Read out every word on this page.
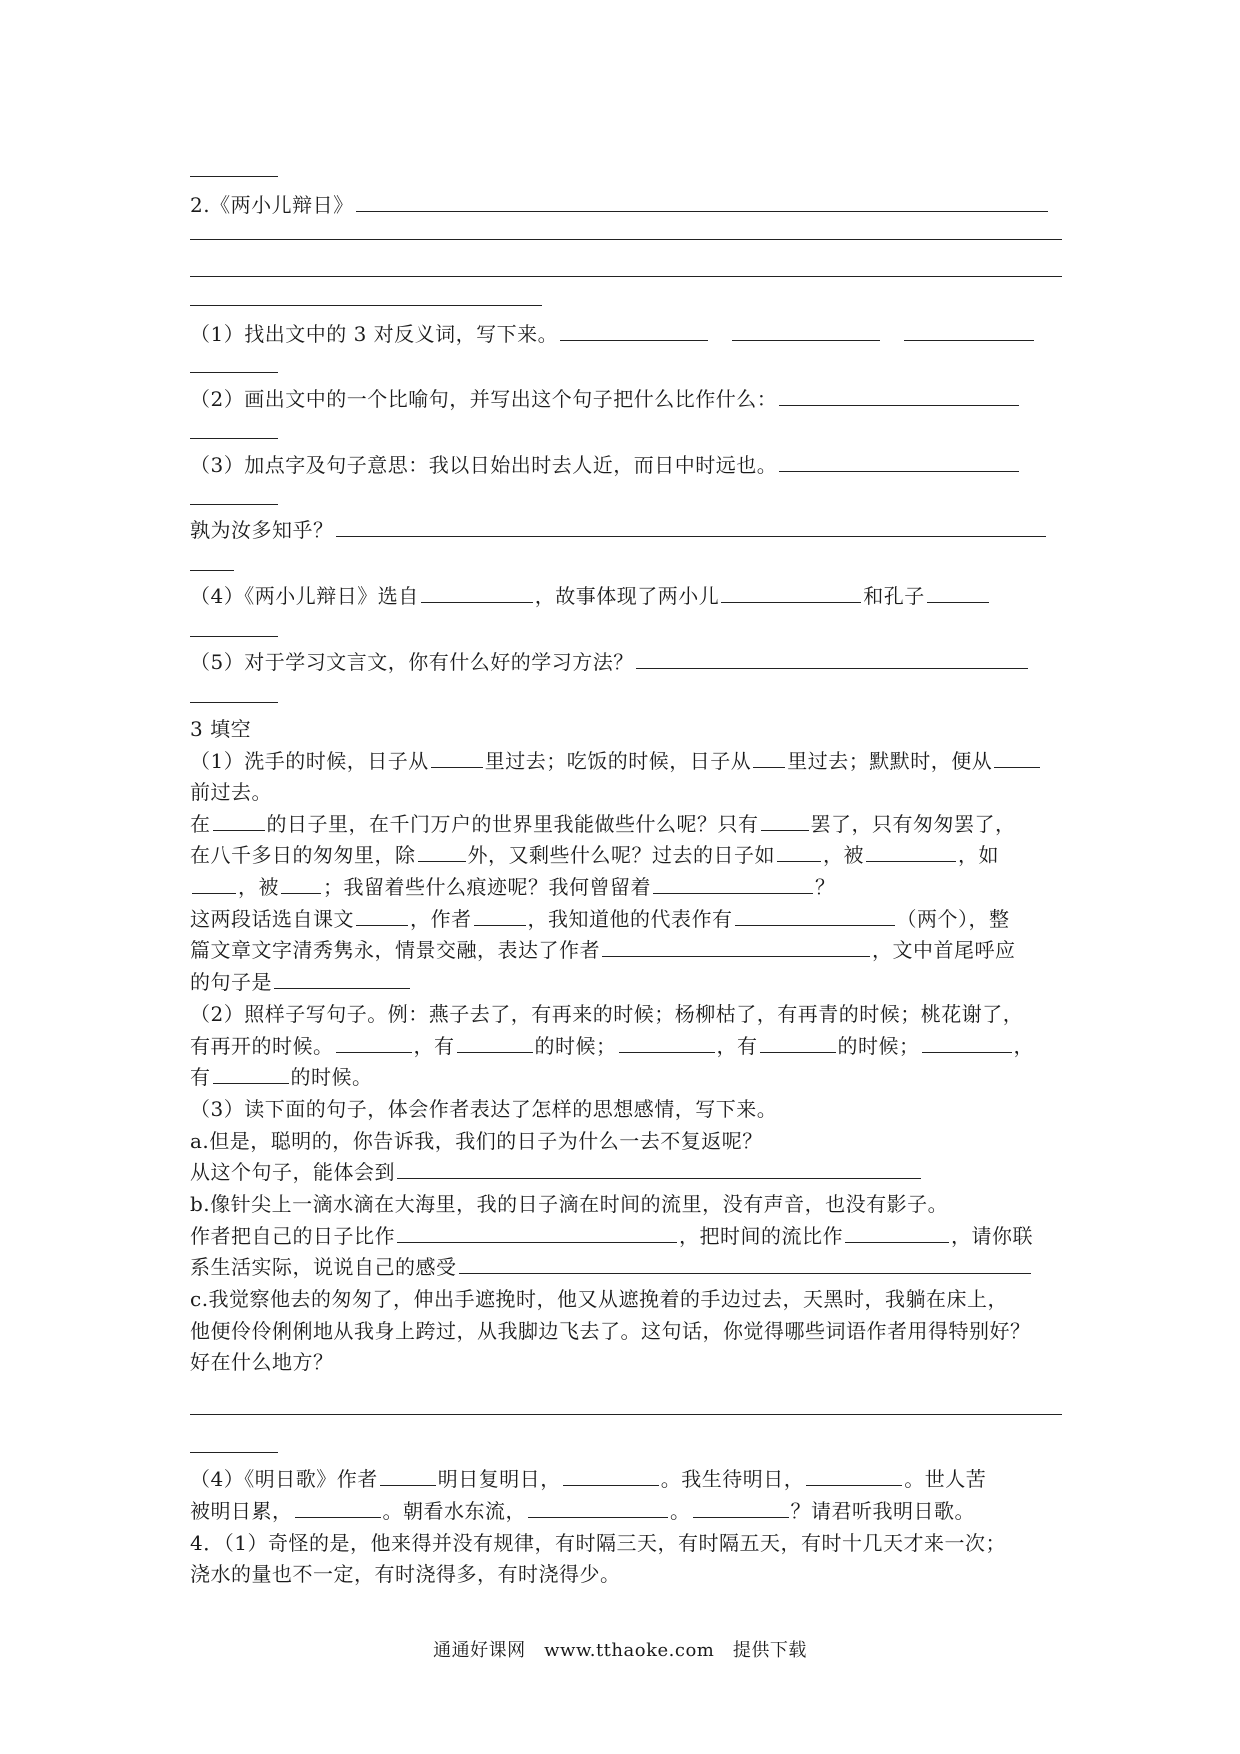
2.《两小儿辩日》
（1）找出文中的 3 对反义词，写下来。
（2）画出文中的一个比喻句，并写出这个句子把什么比作什么：
（3）加点字及句子意思：我以日始出时去人近，而日中时远也。
孰为汝多知乎？
（4）《两小儿辩日》选自	，故事体现了两小儿	和孔子
（5）对于学习文言文，你有什么好的学习方法？
3 填空
（1）洗手的时候，日子从	里过去；吃饭的时候，日子从 里过去；默默时，便从
前过去。
在	的日子里，在千门万户的世界里我能做些什么呢？只有	罢了，只有匆匆罢了，
在八千多日的匆匆里，除	外，又剩些什么呢？过去的日子如 ，被	，如
，被 ；我留着些什么痕迹呢？我何曾留着	？
这两段话选自课文	，作者	，我知道他的代表作有	（两个），整
篇文章文字清秀隽永，情景交融，表达了作者	，文中首尾呼应
的句子是
（2）照样子写句子。例：燕子去了，有再来的时候；杨柳枯了，有再青的时候；桃花谢了，
有再开的时候。	，有	的时候；	，有	的时候；	，
有	的时候。
（3）读下面的句子，体会作者表达了怎样的思想感情，写下来。
a.但是，聪明的，你告诉我，我们的日子为什么一去不复返呢？
从这个句子，能体会到
b.像针尖上一滴水滴在大海里，我的日子滴在时间的流里，没有声音，也没有影子。
作者把自己的日子比作	，把时间的流比作	，请你联
系生活实际，说说自己的感受
c.我觉察他去的匆匆了，伸出手遮挽时，他又从遮挽着的手边过去，天黑时，我躺在床上，
他便伶伶俐俐地从我身上跨过，从我脚边飞去了。这句话，你觉得哪些词语作者用得特别好？
好在什么地方？
（4）《明日歌》作者	明日复明日，	。我生待明日，	。世人苦
被明日累，	。朝看水东流，	。	？请君听我明日歌。
4．（1）奇怪的是，他来得并没有规律，有时隔三天，有时隔五天，有时十几天才来一次；
浇水的量也不一定，有时浇得多，有时浇得少。
通通好课网　www.tthaoke.com　提供下载
